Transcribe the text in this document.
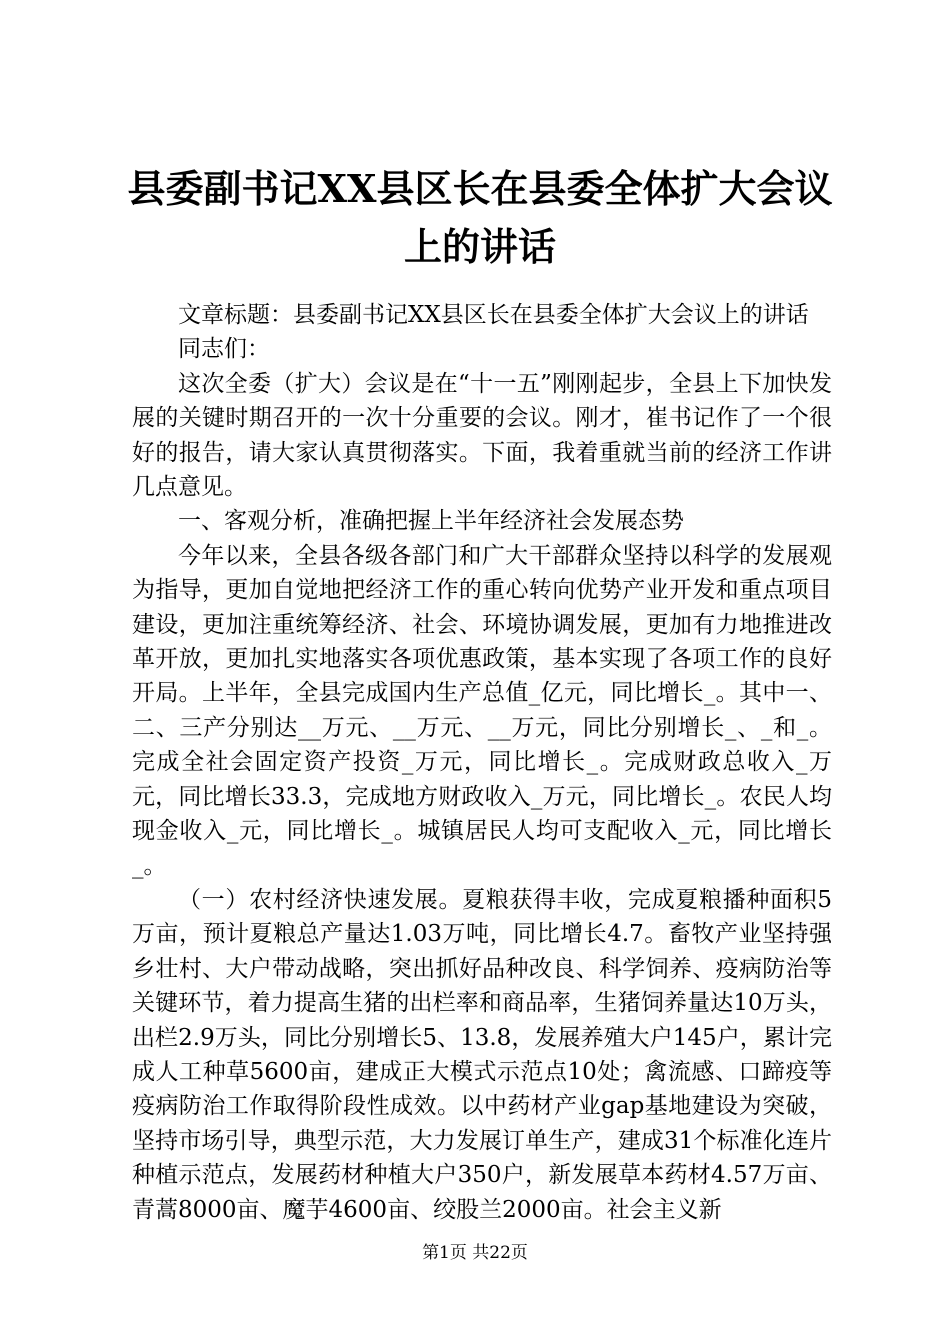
县委副书记XX县区长在县委全体扩大会议上的讲话

文章标题：县委副书记XX县区长在县委全体扩大会议上的讲话

同志们：

这次全委（扩大）会议是在“十一五”刚刚起步，全县上下加快发展的关键时期召开的一次十分重要的会议。刚才，崔书记作了一个很好的报告，请大家认真贯彻落实。下面，我着重就当前的经济工作讲几点意见。

一、客观分析，准确把握上半年经济社会发展态势

今年以来，全县各级各部门和广大干部群众坚持以科学的发展观为指导，更加自觉地把经济工作的重心转向优势产业开发和重点项目建设，更加注重统筹经济、社会、环境协调发展，更加有力地推进改革开放，更加扎实地落实各项优惠政策，基本实现了各项工作的良好开局。上半年，全县完成国内生产总值_亿元，同比增长_。其中一、二、三产分别达__万元、__万元、__万元，同比分别增长_、_和_。完成全社会固定资产投资_万元，同比增长_。完成财政总收入_万元，同比增长33.3，完成地方财政收入_万元，同比增长_。农民人均现金收入_元，同比增长_。城镇居民人均可支配收入_元，同比增长_。

（一）农村经济快速发展。夏粮获得丰收，完成夏粮播种面积5万亩，预计夏粮总产量达1.03万吨，同比增长4.7。畜牧产业坚持强乡壮村、大户带动战略，突出抓好品种改良、科学饲养、疫病防治等关键环节，着力提高生猪的出栏率和商品率，生猪饲养量达10万头，出栏2.9万头，同比分别增长5、13.8，发展养殖大户145户，累计完成人工种草5600亩，建成正大模式示范点10处；禽流感、口蹄疫等疫病防治工作取得阶段性成效。以中药材产业gap基地建设为突破，坚持市场引导，典型示范，大力发展订单生产，建成31个标准化连片种植示范点，发展药材种植大户350户，新发展草本药材4.57万亩、青蒿8000亩、魔芋4600亩、绞股兰2000亩。社会主义新

第1页 共22页
